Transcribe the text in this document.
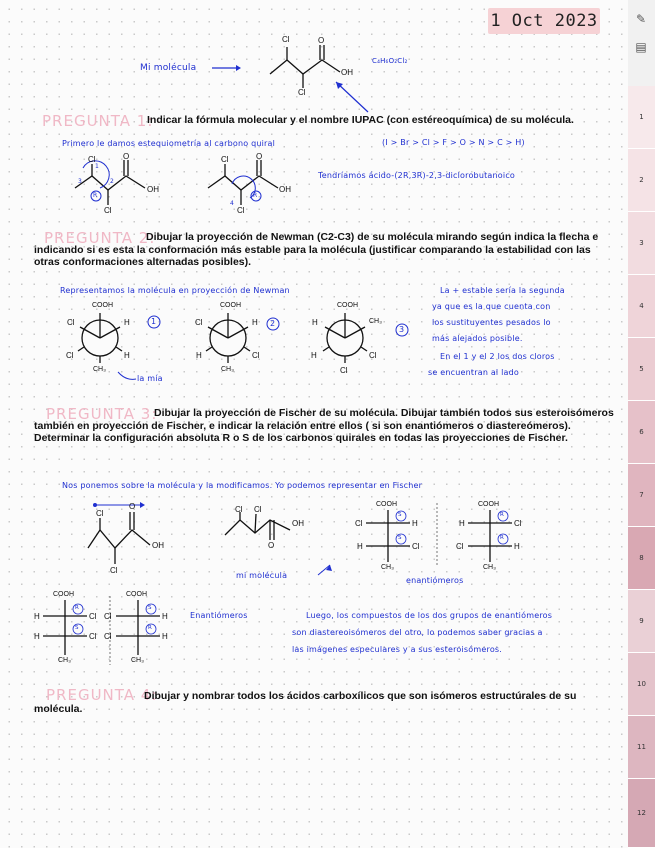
1 Oct 2023
Mi molécula
Cl	O
OH
Cl
C₄H₆O₂Cl₂
PREGUNTA 1:
Indicar la fórmula molecular y el nombre IUPAC (con estéreoquímica) de su molécula.
Primero le damos estequiometría al carbono quiral	(I > Br > Cl > F > O > N > C > H)
Cl	O
OH
Cl
R
1
2
3
Cl	O
OH
Cl
R
4
Tendríamos ácido-(2R,3R)-2,3-diclorobutanoico
PREGUNTA 2:
Dibujar la proyección de Newman (C2-C3) de su molécula mirando según indica la flecha e indicando si es esta la conformación más estable para la molécula (justificar comparando la estabilidad con las otras conformaciones alternadas posibles).
Representamos la molécula en proyección de Newman
COOH
Cl	H
Cl	H
CH₃
1
la mía
COOH
Cl	H
H	Cl
CH₃
2
COOH
H	CH₃
H	Cl
Cl
3
La + estable sería la segunda
ya que es la que cuenta con
los sustituyentes pesados lo
más alejados posible.
En el 1 y el 2 los dos cloros
se encuentran al lado
PREGUNTA 3:
Dibujar la proyección de Fischer de su molécula. Dibujar también todos sus esteroisómeros también en proyección de Fischer, e indicar la relación entre ellos ( si son enantiómeros o diastereómeros). Determinar la configuración absoluta R o S de los carbonos quirales en todas las proyecciones de Fischer.
Nos ponemos sobre la molécula y la modificamos. Yo podemos representar en Fischer
Cl
O
OH
Cl
Cl Cl
OH
O
mi molécula
COOH
Cl	H
H	Cl
CH₃
S
S
COOH
H	Cl
Cl	H
CH₃
R
R
enantiómeros
COOH
H	Cl
H	Cl
CH₃
R
S
COOH
Cl	H
Cl	H
CH₃
S
R
Enantiómeros	Luego, los compuestos de los dos grupos de enantiómeros
son diastereoisómeros del otro, lo podemos saber gracias a
las imágenes especulares y a sus esteroisómeros.
PREGUNTA 4:
Dibujar y nombrar todos los ácidos carboxílicos que son isómeros estructúrales de su molécula.
1
2
3
4
5
6
7
8
9
10
11
12
✎
▤
